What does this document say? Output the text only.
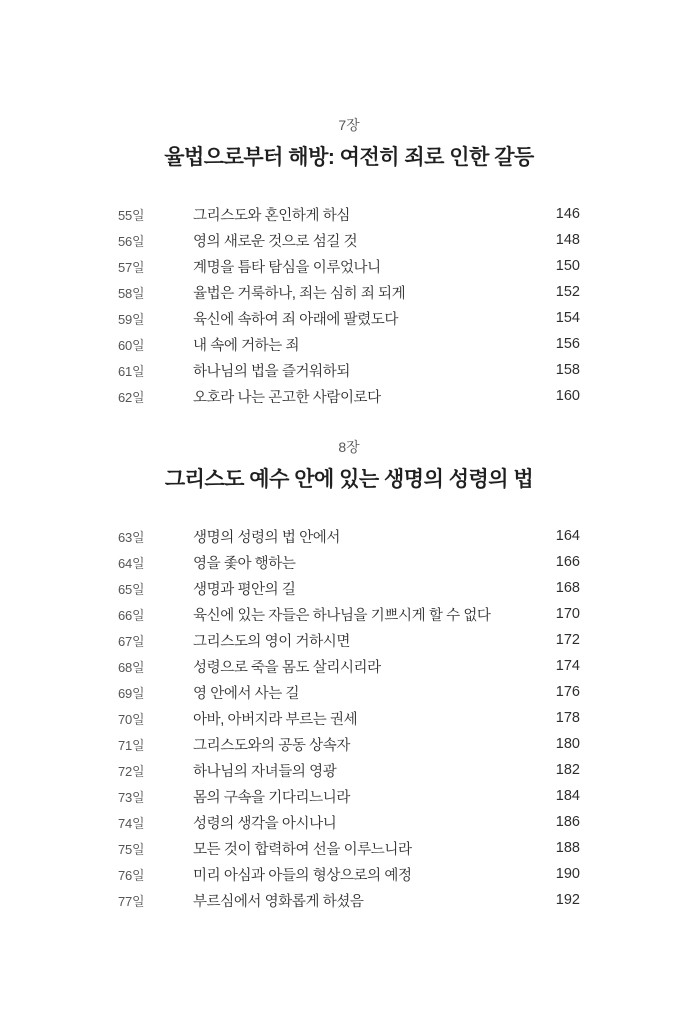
7장
율법으로부터 해방: 여전히 죄로 인한 갈등
55일	그리스도와 혼인하게 하심	146
56일	영의 새로운 것으로 섬길 것	148
57일	계명을 틈타 탐심을 이루었나니	150
58일	율법은 거룩하나, 죄는 심히 죄 되게	152
59일	육신에 속하여 죄 아래에 팔렸도다	154
60일	내 속에 거하는 죄	156
61일	하나님의 법을 즐거워하되	158
62일	오호라 나는 곤고한 사람이로다	160
8장
그리스도 예수 안에 있는 생명의 성령의 법
63일	생명의 성령의 법 안에서	164
64일	영을 좇아 행하는	166
65일	생명과 평안의 길	168
66일	육신에 있는 자들은 하나님을 기쁘시게 할 수 없다	170
67일	그리스도의 영이 거하시면	172
68일	성령으로 죽을 몸도 살리시리라	174
69일	영 안에서 사는 길	176
70일	아바, 아버지라 부르는 권세	178
71일	그리스도와의 공동 상속자	180
72일	하나님의 자녀들의 영광	182
73일	몸의 구속을 기다리느니라	184
74일	성령의 생각을 아시나니	186
75일	모든 것이 합력하여 선을 이루느니라	188
76일	미리 아심과 아들의 형상으로의 예정	190
77일	부르심에서 영화롭게 하셨음	192
